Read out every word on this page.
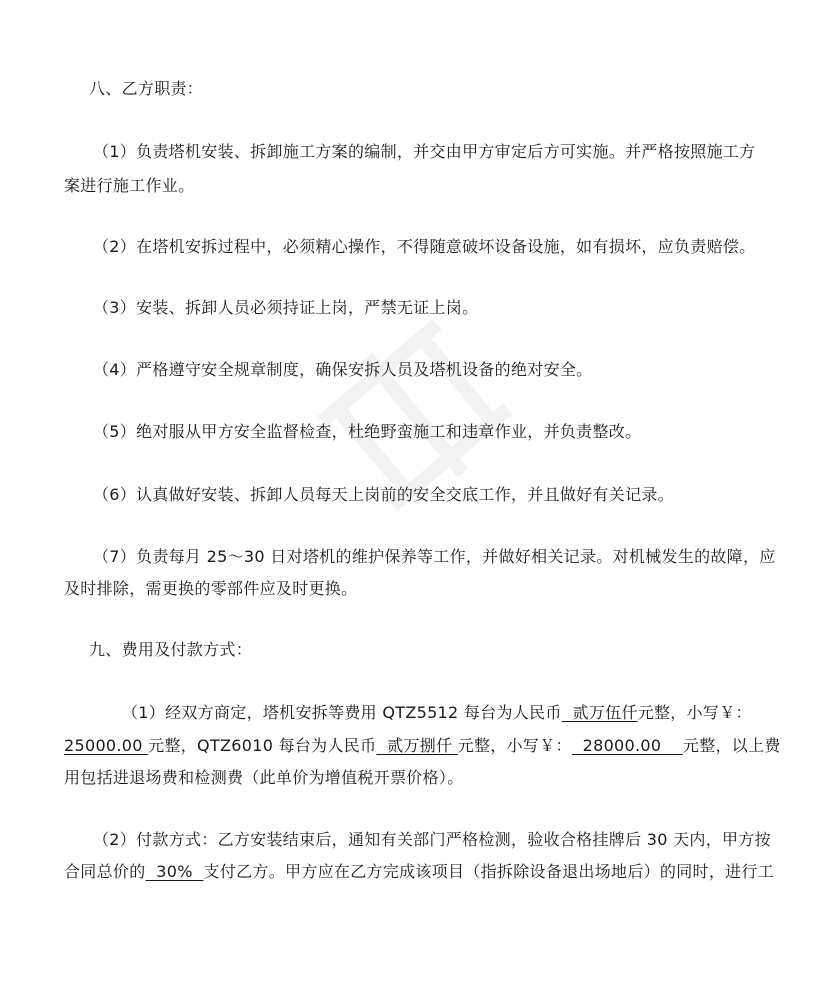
八、乙方职责：
（1）负责塔机安装、拆卸施工方案的编制，并交由甲方审定后方可实施。并严格按照施工方
案进行施工作业。
（2）在塔机安拆过程中，必须精心操作，不得随意破坏设备设施，如有损坏，应负责赔偿。
（3）安装、拆卸人员必须持证上岗，严禁无证上岗。
（4）严格遵守安全规章制度，确保安拆人员及塔机设备的绝对安全。
（5）绝对服从甲方安全监督检查，杜绝野蛮施工和违章作业，并负责整改。
（6）认真做好安装、拆卸人员每天上岗前的安全交底工作，并且做好有关记录。
（7）负责每月 25～30 日对塔机的维护保养等工作，并做好相关记录。对机械发生的故障，应
及时排除，需更换的零部件应及时更换。
九、费用及付款方式：
（1）经双方商定，塔机安拆等费用 QTZ5512 每台为人民币  贰万伍仟元整，小写￥：
25000.00 元整，QTZ6010 每台为人民币  贰万捌仟 元整，小写￥：  28000.00    元整，以上费
用包括进退场费和检测费（此单价为增值税开票价格）。
（2）付款方式：乙方安装结束后，通知有关部门严格检测，验收合格挂牌后 30 天内，甲方按
合同总价的  30%  支付乙方。甲方应在乙方完成该项目（指拆除设备退出场地后）的同时，进行工
